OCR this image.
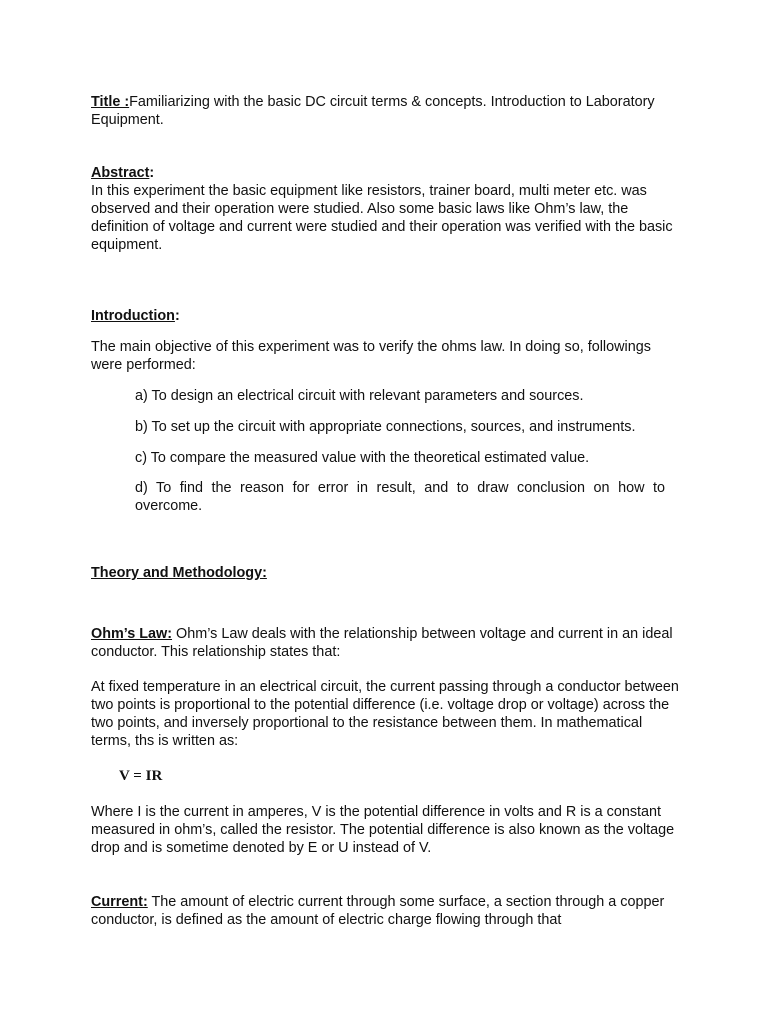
Title :Familiarizing with the basic DC circuit terms & concepts. Introduction to Laboratory Equipment.
Abstract:
In this experiment the basic equipment like resistors, trainer board, multi meter etc. was observed and their operation were studied. Also some basic laws like Ohm’s law, the definition of voltage and current were studied and their operation was verified with the basic equipment.
Introduction:
The main objective of this experiment was to verify the ohms law. In doing so, followings were performed:
a) To design an electrical circuit with relevant parameters and sources.
b) To set up the circuit with appropriate connections, sources, and instruments.
c) To compare the measured value with the theoretical estimated value.
d) To find the reason for error in result, and to draw conclusion on how to overcome.
Theory and Methodology:
Ohm’s Law: Ohm’s Law deals with the relationship between voltage and current in an ideal conductor. This relationship states that:
At fixed temperature in an electrical circuit, the current passing through a conductor between two points is proportional to the potential difference (i.e. voltage drop or voltage) across the two points, and inversely proportional to the resistance between them. In mathematical terms, ths is written as:
V = IR
Where I is the current in amperes, V is the potential difference in volts and R is a constant measured in ohm’s, called the resistor. The potential difference is also known as the voltage drop and is sometime denoted by E or U instead of V.
Current: The amount of electric current through some surface, a section through a copper conductor, is defined as the amount of electric charge flowing through that
